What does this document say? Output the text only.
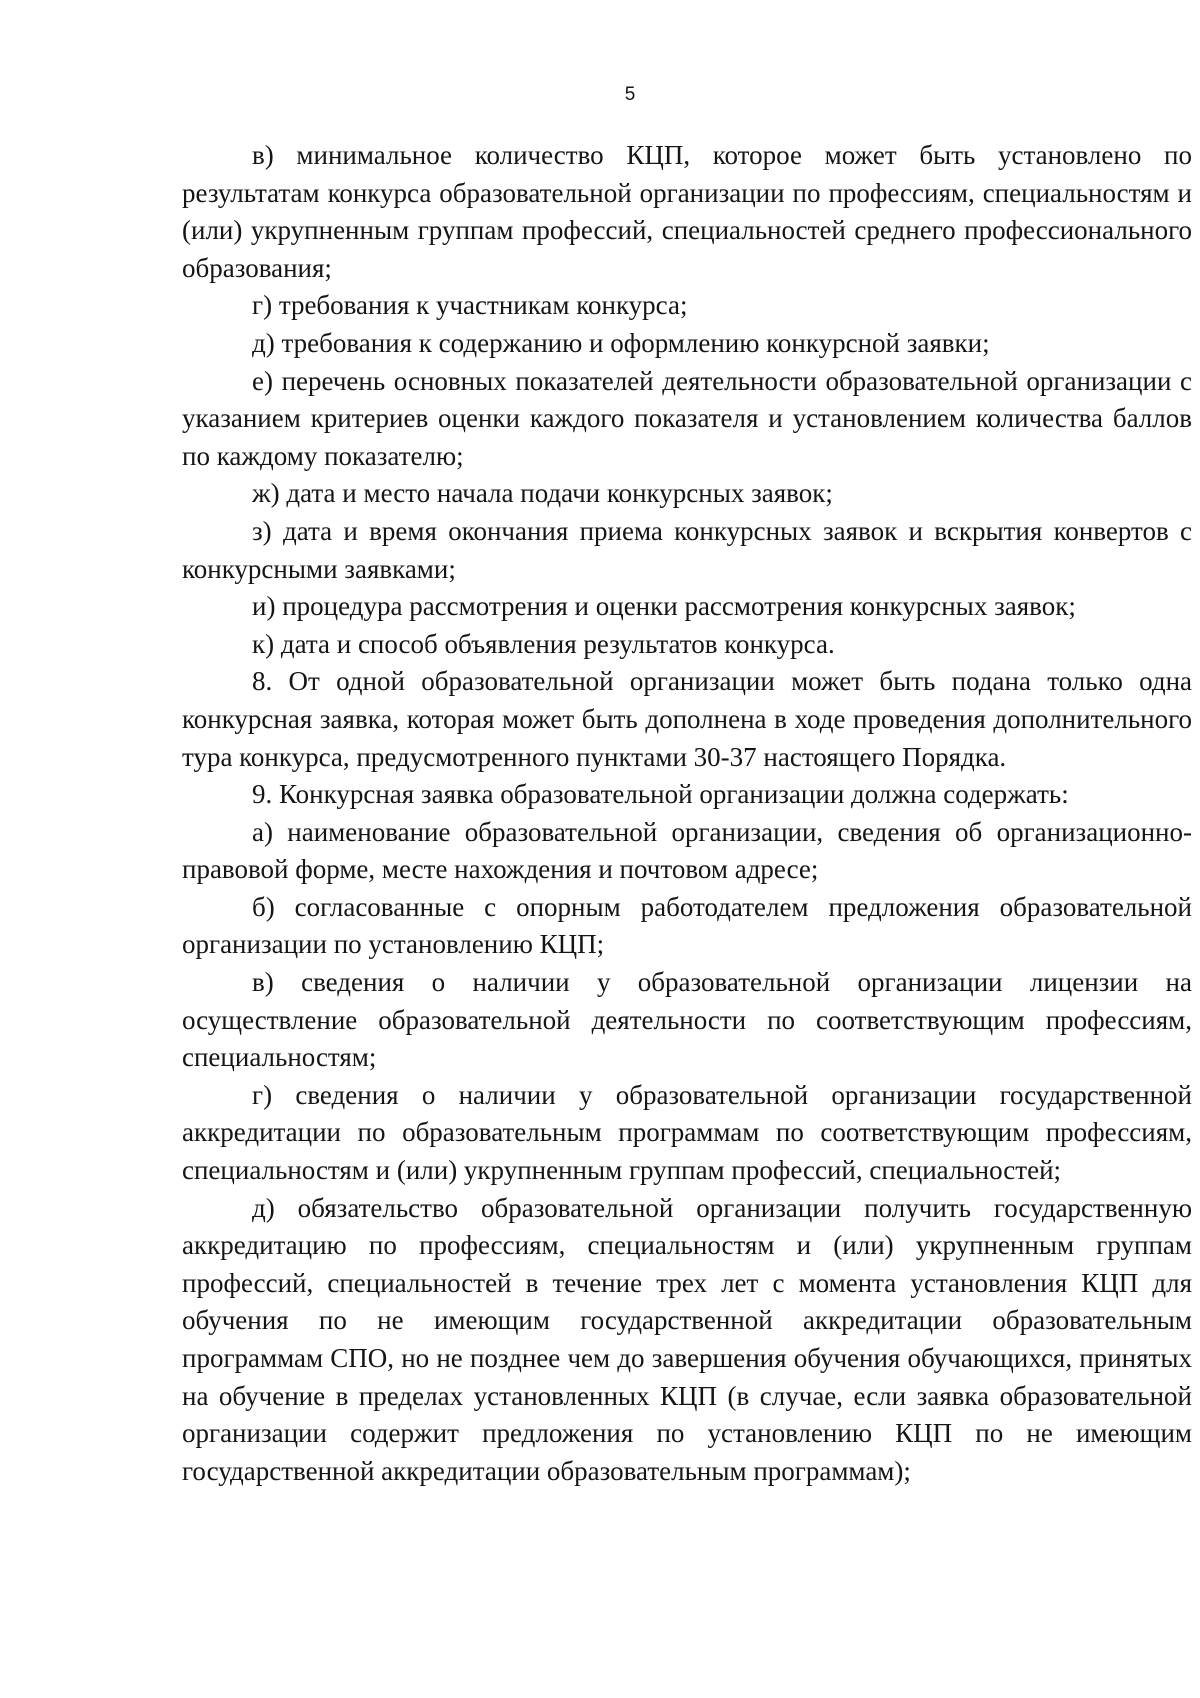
5

в) минимальное количество КЦП, которое может быть установлено по результатам конкурса образовательной организации по профессиям, специальностям и (или) укрупненным группам профессий, специальностей среднего профессионального образования;

г) требования к участникам конкурса;

д) требования к содержанию и оформлению конкурсной заявки;

е) перечень основных показателей деятельности образовательной организации с указанием критериев оценки каждого показателя и установлением количества баллов по каждому показателю;

ж) дата и место начала подачи конкурсных заявок;

з) дата и время окончания приема конкурсных заявок и вскрытия конвертов с конкурсными заявками;

и) процедура рассмотрения и оценки рассмотрения конкурсных заявок;

к) дата и способ объявления результатов конкурса.

8. От одной образовательной организации может быть подана только одна конкурсная заявка, которая может быть дополнена в ходе проведения дополнительного тура конкурса, предусмотренного пунктами 30-37 настоящего Порядка.

9. Конкурсная заявка образовательной организации должна содержать:

а) наименование образовательной организации, сведения об организационно-правовой форме, месте нахождения и почтовом адресе;

б) согласованные с опорным работодателем предложения образовательной организации по установлению КЦП;

в) сведения о наличии у образовательной организации лицензии на осуществление образовательной деятельности по соответствующим профессиям, специальностям;

г) сведения о наличии у образовательной организации государственной аккредитации по образовательным программам по соответствующим профессиям, специальностям и (или) укрупненным группам профессий, специальностей;

д) обязательство образовательной организации получить государственную аккредитацию по профессиям, специальностям и (или) укрупненным группам профессий, специальностей в течение трех лет с момента установления КЦП для обучения по не имеющим государственной аккредитации образовательным программам СПО, но не позднее чем до завершения обучения обучающихся, принятых на обучение в пределах установленных КЦП (в случае, если заявка образовательной организации содержит предложения по установлению КЦП по не имеющим государственной аккредитации образовательным программам);
